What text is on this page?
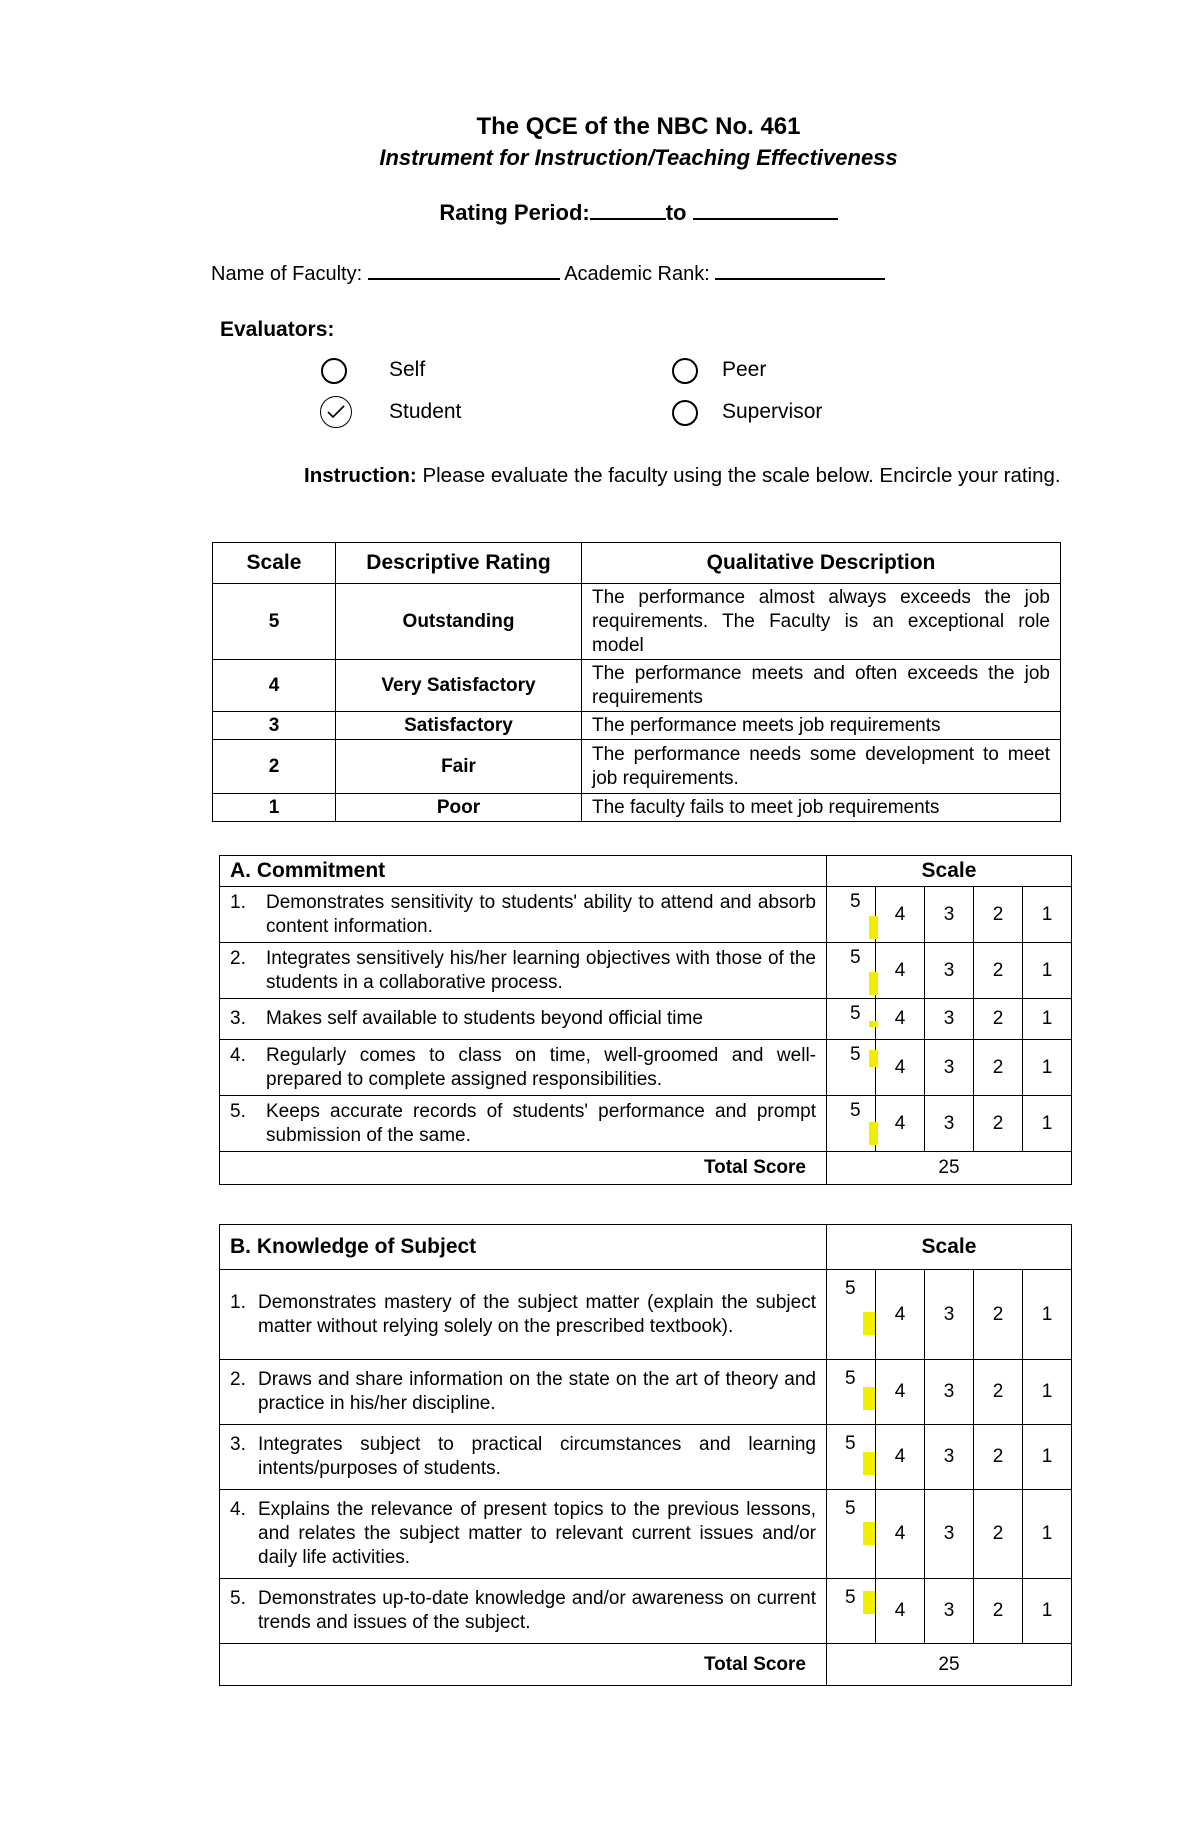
The QCE of the NBC No. 461
Instrument for Instruction/Teaching Effectiveness
Rating Period:	to
Name of Faculty:	Academic Rank:
Evaluators:
Self	Peer
Student	Supervisor
Instruction: Please evaluate the faculty using the scale below. Encircle your rating.
Scale	Descriptive Rating	Qualitative Description
5	Outstanding	The performance almost always exceeds the job requirements. The Faculty is an exceptional role model
4	Very Satisfactory	The performance meets and often exceeds the job requirements
3	Satisfactory	The performance meets job requirements
2	Fair	The performance needs some development to meet job requirements.
1	Poor	The faculty fails to meet job requirements
A. Commitment	Scale				

1. Demonstrates sensitivity to students' ability to attend and absorb content information.	5	4	3	2	1

2. Integrates sensitively his/her learning objectives with those of the students in a collaborative process.	5	4	3	2	1

3. Makes self available to students beyond official time	5	4	3	2	1

4. Regularly comes to class on time, well-groomed and well-prepared to complete assigned responsibilities.	5	4	3	2	1

5. Keeps accurate records of students' performance and prompt submission of the same.	5	4	3	2	1
Total Score	25				
B. Knowledge of Subject	Scale				

1. Demonstrates mastery of the subject matter (explain the subject matter without relying solely on the prescribed textbook).	5	4	3	2	1

2. Draws and share information on the state on the art of theory and practice in his/her discipline.	5	4	3	2	1

3. Integrates subject to practical circumstances and learning intents/purposes of students.	5	4	3	2	1

4. Explains the relevance of present topics to the previous lessons, and relates the subject matter to relevant current issues and/or daily life activities.	5	4	3	2	1

5. Demonstrates up-to-date knowledge and/or awareness on current trends and issues of the subject.	5	4	3	2	1
Total Score	25				
